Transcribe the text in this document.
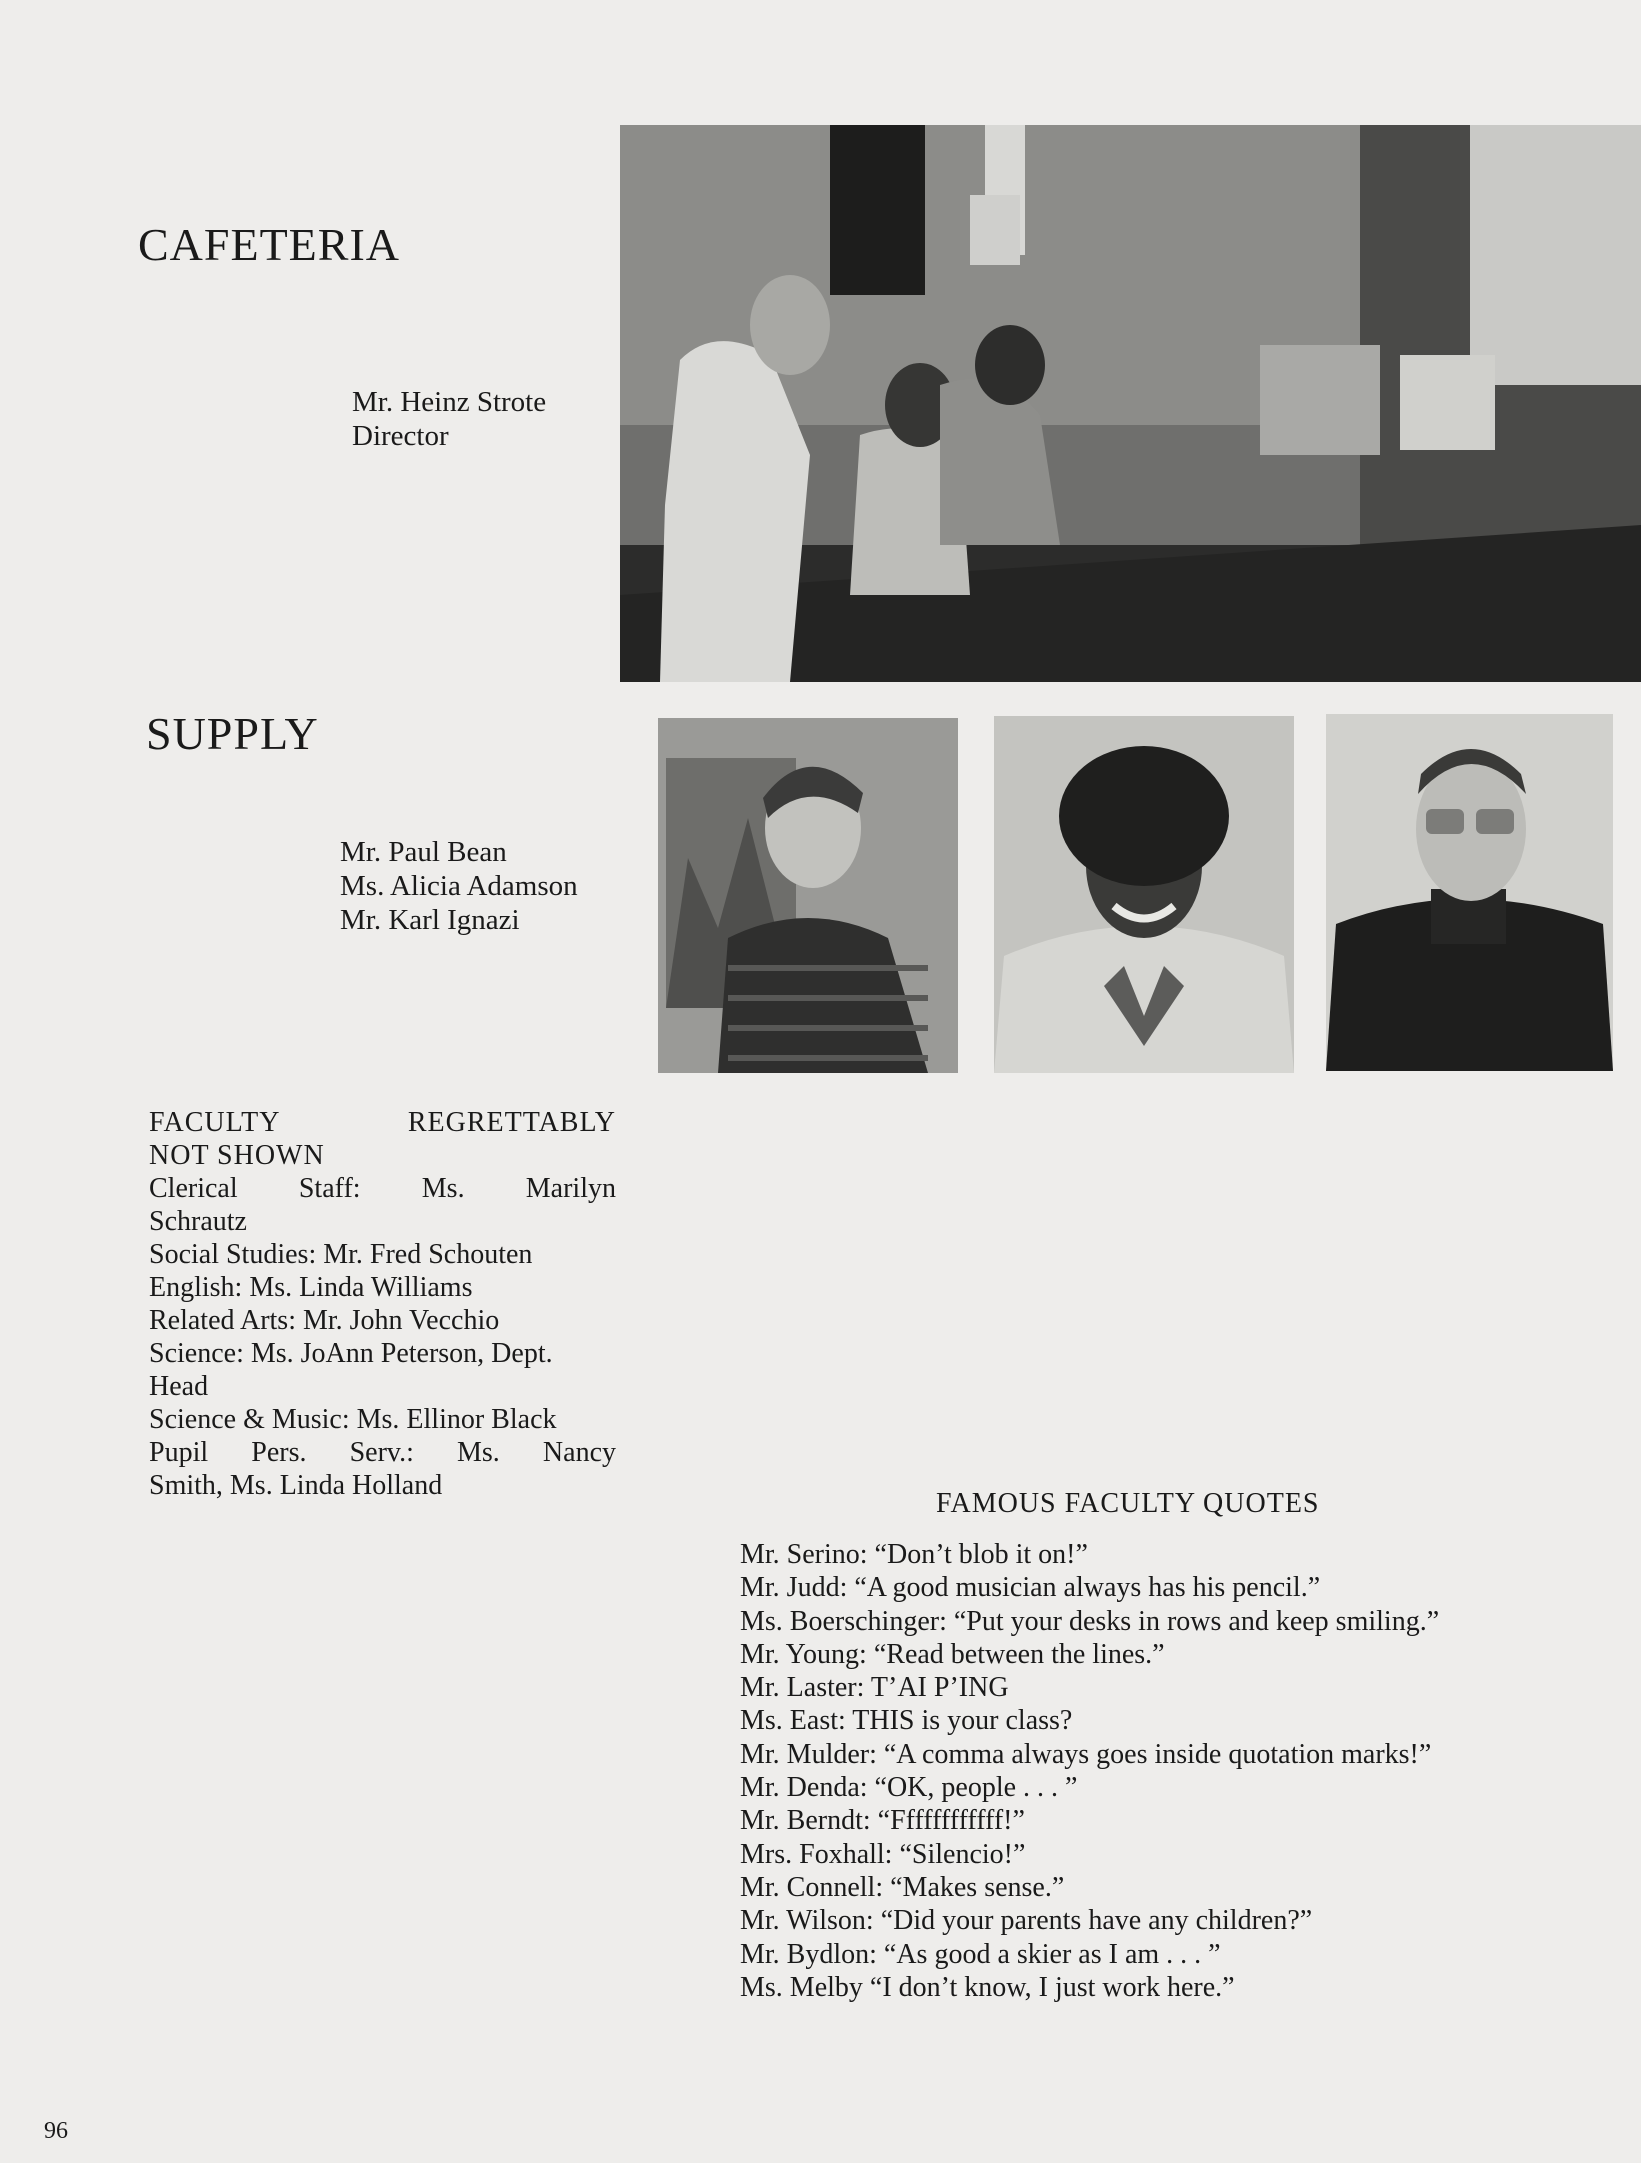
CAFETERIA
Mr. Heinz Strote
Director
SUPPLY
Mr. Paul Bean
Ms. Alicia Adamson
Mr. Karl Ignazi
FACULTY REGRETTABLY
NOT SHOWN
Clerical Staff: Ms. Marilyn
Schrautz
Social Studies: Mr. Fred Schouten
English: Ms. Linda Williams
Related Arts: Mr. John Vecchio
Science: Ms. JoAnn Peterson, Dept.
Head
Science & Music: Ms. Ellinor Black
Pupil Pers. Serv.: Ms. Nancy
Smith, Ms. Linda Holland
FAMOUS FACULTY QUOTES
Mr. Serino: “Don’t blob it on!”
Mr. Judd: “A good musician always has his pencil.”
Ms. Boerschinger: “Put your desks in rows and keep smiling.”
Mr. Young: “Read between the lines.”
Mr. Laster: T’AI P’ING
Ms. East: THIS is your class?
Mr. Mulder: “A comma always goes inside quotation marks!”
Mr. Denda: “OK, people . . . ”
Mr. Berndt: “Ffffffffffff!”
Mrs. Foxhall: “Silencio!”
Mr. Connell: “Makes sense.”
Mr. Wilson: “Did your parents have any children?”
Mr. Bydlon: “As good a skier as I am . . . ”
Ms. Melby “I don’t know, I just work here.”
96
